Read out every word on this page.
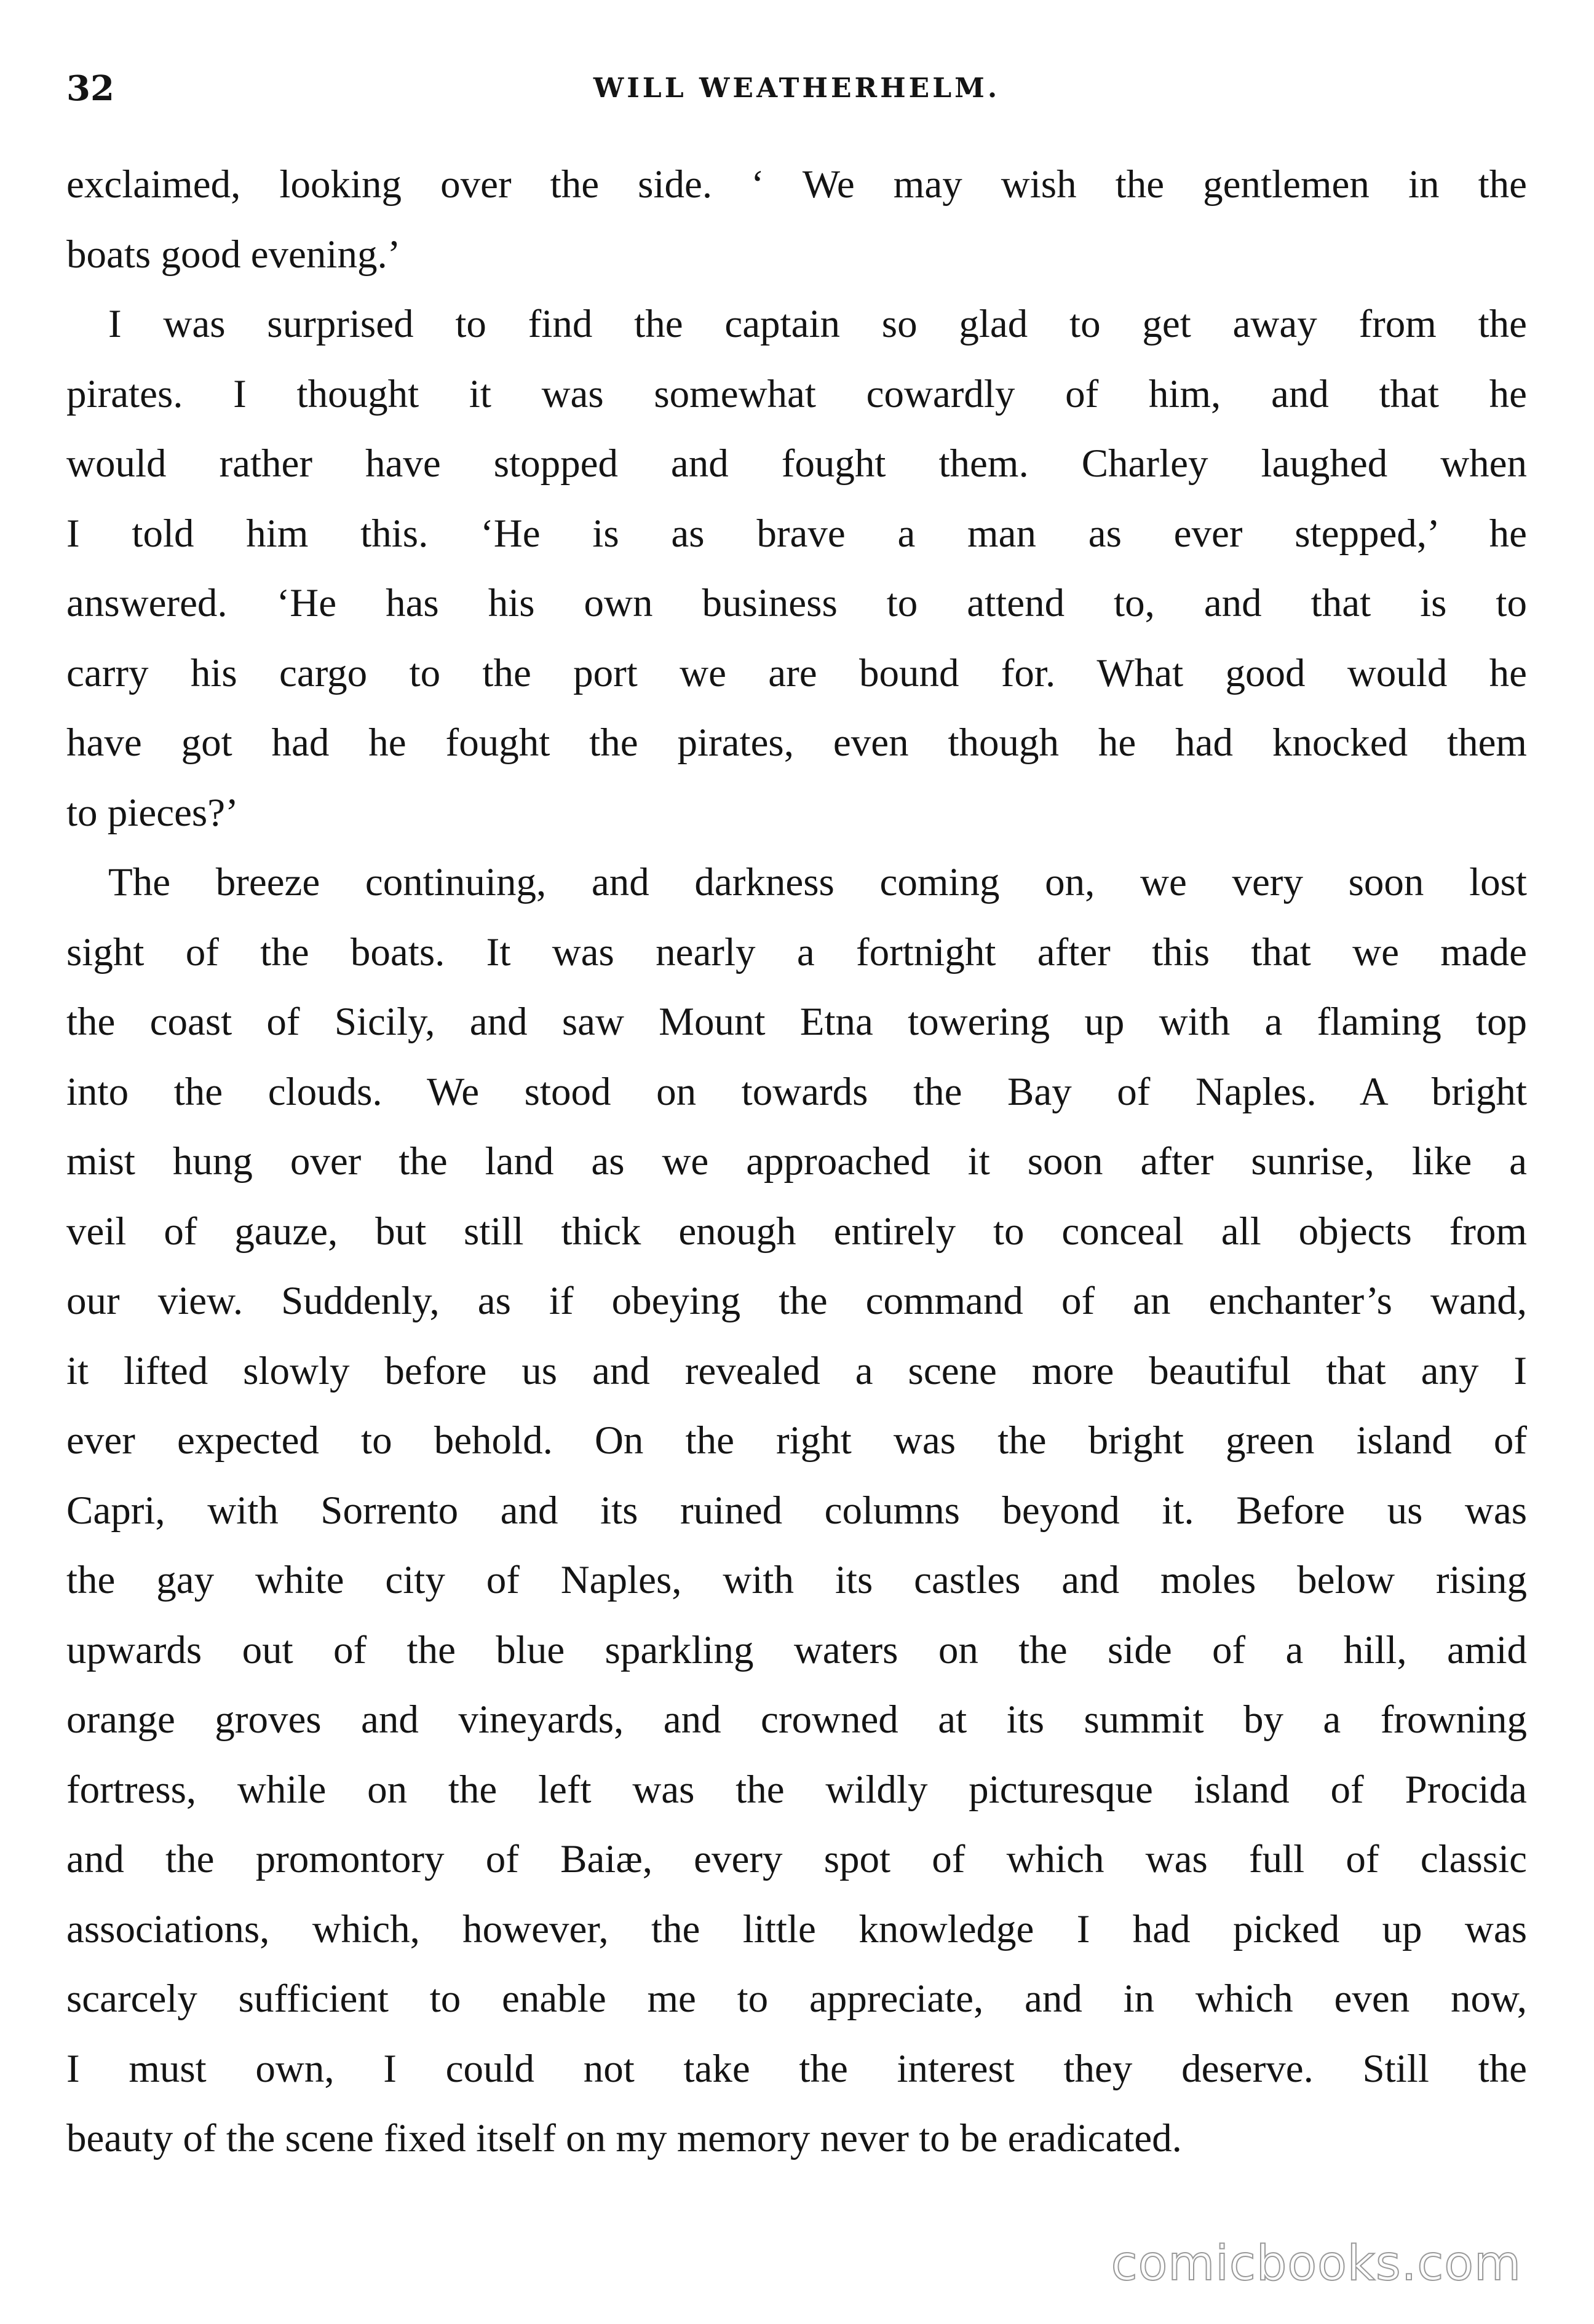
32	WILL WEATHERHELM.
exclaimed, looking over the side. ‘ We may wish the gentlemen in the
boats good evening.’
I was surprised to find the captain so glad to get away from the
pirates. I thought it was somewhat cowardly of him, and that he
would rather have stopped and fought them. Charley laughed when
I told him this. ‘He is as brave a man as ever stepped,’ he
answered. ‘He has his own business to attend to, and that is to
carry his cargo to the port we are bound for. What good would he
have got had he fought the pirates, even though he had knocked them
to pieces?’
The breeze continuing, and darkness coming on, we very soon lost
sight of the boats. It was nearly a fortnight after this that we made
the coast of Sicily, and saw Mount Etna towering up with a flaming top
into the clouds. We stood on towards the Bay of Naples. A bright
mist hung over the land as we approached it soon after sunrise, like a
veil of gauze, but still thick enough entirely to conceal all objects from
our view. Suddenly, as if obeying the command of an enchanter’s wand,
it lifted slowly before us and revealed a scene more beautiful that any I
ever expected to behold. On the right was the bright green island of
Capri, with Sorrento and its ruined columns beyond it. Before us was
the gay white city of Naples, with its castles and moles below rising
upwards out of the blue sparkling waters on the side of a hill, amid
orange groves and vineyards, and crowned at its summit by a frowning
fortress, while on the left was the wildly picturesque island of Procida
and the promontory of Baiæ, every spot of which was full of classic
associations, which, however, the little knowledge I had picked up was
scarcely sufficient to enable me to appreciate, and in which even now,
I must own, I could not take the interest they deserve. Still the
beauty of the scene fixed itself on my memory never to be eradicated.
comicbooks.com
